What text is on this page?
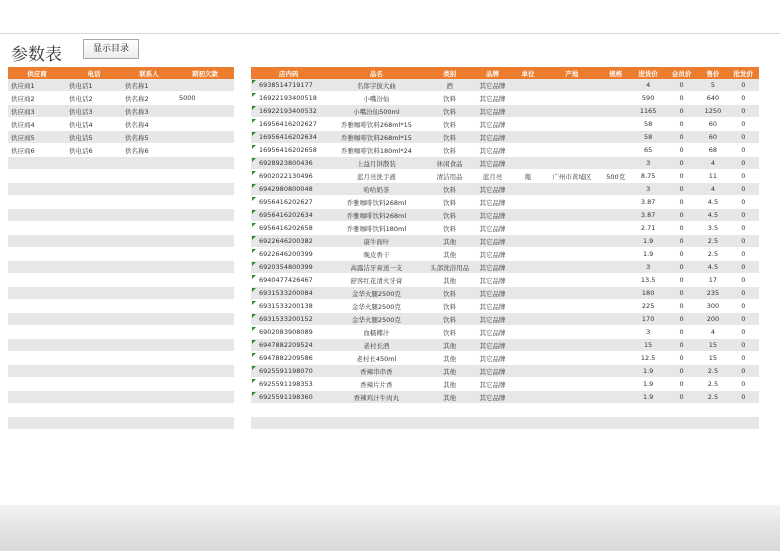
参数表	显示目录
供应商	电话	联系人	期初欠款
供应商1	供电话1	供名称1	
供应商2	供电话2	供名称2	5000
供应商3	供电话3	供名称3	
供应商4	供电话4	供名称4	
供应商5	供电话5	供名称5	
供应商6	供电话6	供名称6	

店内码	品名	类别	品牌	单位	产地	规格	进货价	会员价	售价	批发价
6938514719177	名郎字拔大曲	酒	其它品牌				4	0	5	0
16922193400518	小嘴汾仙	饮料	其它品牌				590	0	640	0
16922193400532	小嘴汾仙500ml	饮料	其它品牌				1165	0	1250	0
16956416202627	乔雅咖啡饮料268ml*15	饮料	其它品牌				58	0	60	0
16956416202634	乔雅咖啡饮料268ml*15	饮料	其它品牌				58	0	60	0
16956416202658	乔雅咖啡饮料180ml*24	饮料	其它品牌				65	0	68	0
6928923800436	上益月饼散装	休闲食品	其它品牌				3	0	4	0
6902022130496	蓝月亮洗手液	清洁用品	蓝月亮	瓶	广州市黄埔区	500克	8.75	0	11	0
6942980800048	哈哈奶茶	饮料	其它品牌				3	0	4	0
6956416202627	乔雅咖啡饮料268ml	饮料	其它品牌				3.87	0	4.5	0
6956416202634	乔雅咖啡饮料268ml	饮料	其它品牌				3.87	0	4.5	0
6956416202658	乔雅咖啡饮料180ml	饮料	其它品牌				2.71	0	3.5	0
6922646200382	康牛面叶	其他	其它品牌				1.9	0	2.5	0
6922646200399	晚皮香干	其他	其它品牌				1.9	0	2.5	0
6920354800399	高露洁牙膏送一支	头部洗浴用品	其它品牌				3	0	4.5	0
6940477426467	舒客红花清火牙膏	其他	其它品牌				13.5	0	17	0
6931533200084	金华火腿2500克	饮料	其它品牌				180	0	235	0
6931533200138	金华火腿2500克	饮料	其它品牌				225	0	300	0
6931533200152	金华火腿2500克	饮料	其它品牌				170	0	200	0
6902083908089	血糯椰汁	饮料	其它品牌				3	0	4	0
6947882209524	老村长酒	其他	其它品牌				15	0	15	0
6947882209586	老村长450ml	其他	其它品牌				12.5	0	15	0
6925591198070	香辣串串香	其他	其它品牌				1.9	0	2.5	0
6925591198353	香辣片片香	其他	其它品牌				1.9	0	2.5	0
6925591198360	香辣鸡汁牛肉丸	其他	其它品牌				1.9	0	2.5	0
